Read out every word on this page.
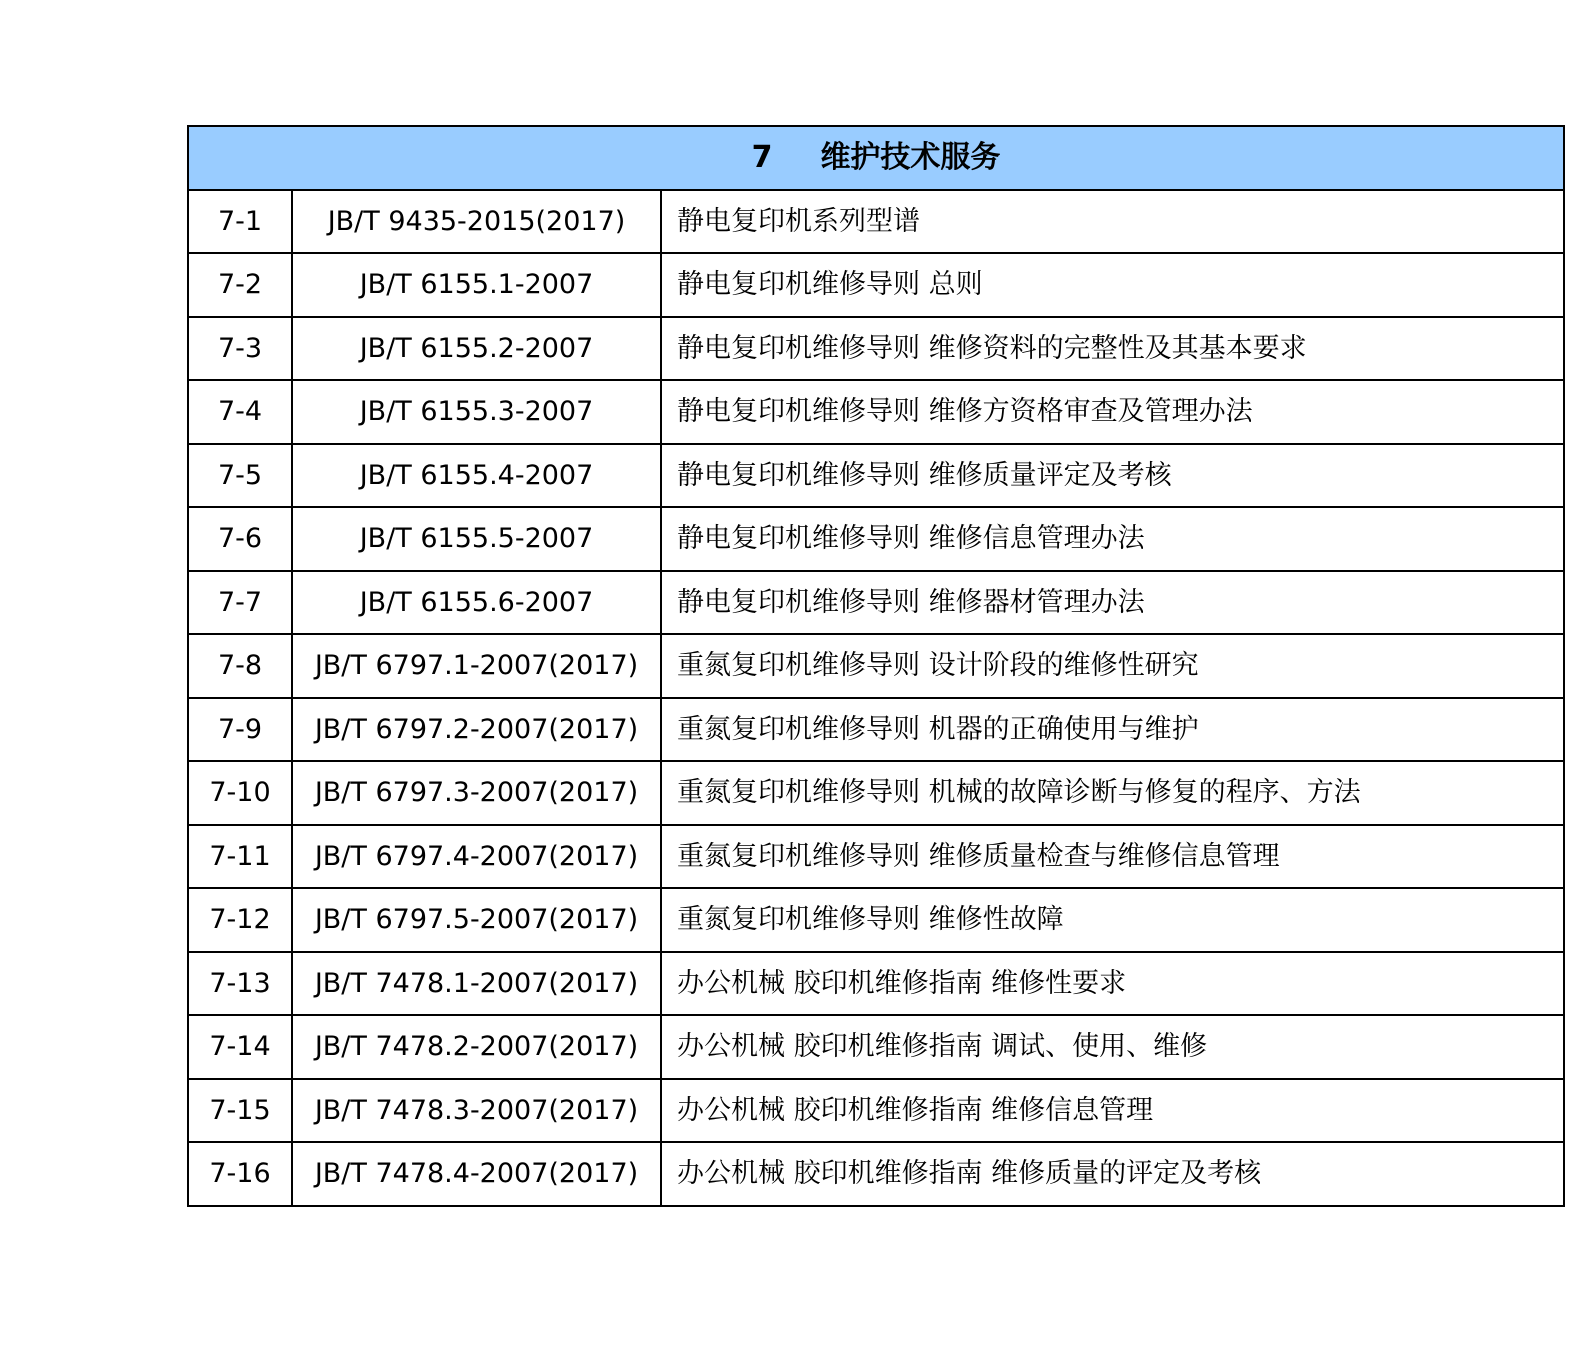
7 维护技术服务		
7-1	JB/T 9435-2015(2017)	静电复印机系列型谱
7-2	JB/T 6155.1-2007	静电复印机维修导则 总则
7-3	JB/T 6155.2-2007	静电复印机维修导则 维修资料的完整性及其基本要求
7-4	JB/T 6155.3-2007	静电复印机维修导则 维修方资格审查及管理办法
7-5	JB/T 6155.4-2007	静电复印机维修导则 维修质量评定及考核
7-6	JB/T 6155.5-2007	静电复印机维修导则 维修信息管理办法
7-7	JB/T 6155.6-2007	静电复印机维修导则 维修器材管理办法
7-8	JB/T 6797.1-2007(2017)	重氮复印机维修导则 设计阶段的维修性研究
7-9	JB/T 6797.2-2007(2017)	重氮复印机维修导则 机器的正确使用与维护
7-10	JB/T 6797.3-2007(2017)	重氮复印机维修导则 机械的故障诊断与修复的程序、方法
7-11	JB/T 6797.4-2007(2017)	重氮复印机维修导则 维修质量检查与维修信息管理
7-12	JB/T 6797.5-2007(2017)	重氮复印机维修导则 维修性故障
7-13	JB/T 7478.1-2007(2017)	办公机械 胶印机维修指南 维修性要求
7-14	JB/T 7478.2-2007(2017)	办公机械 胶印机维修指南 调试、使用、维修
7-15	JB/T 7478.3-2007(2017)	办公机械 胶印机维修指南 维修信息管理
7-16	JB/T 7478.4-2007(2017)	办公机械 胶印机维修指南 维修质量的评定及考核
